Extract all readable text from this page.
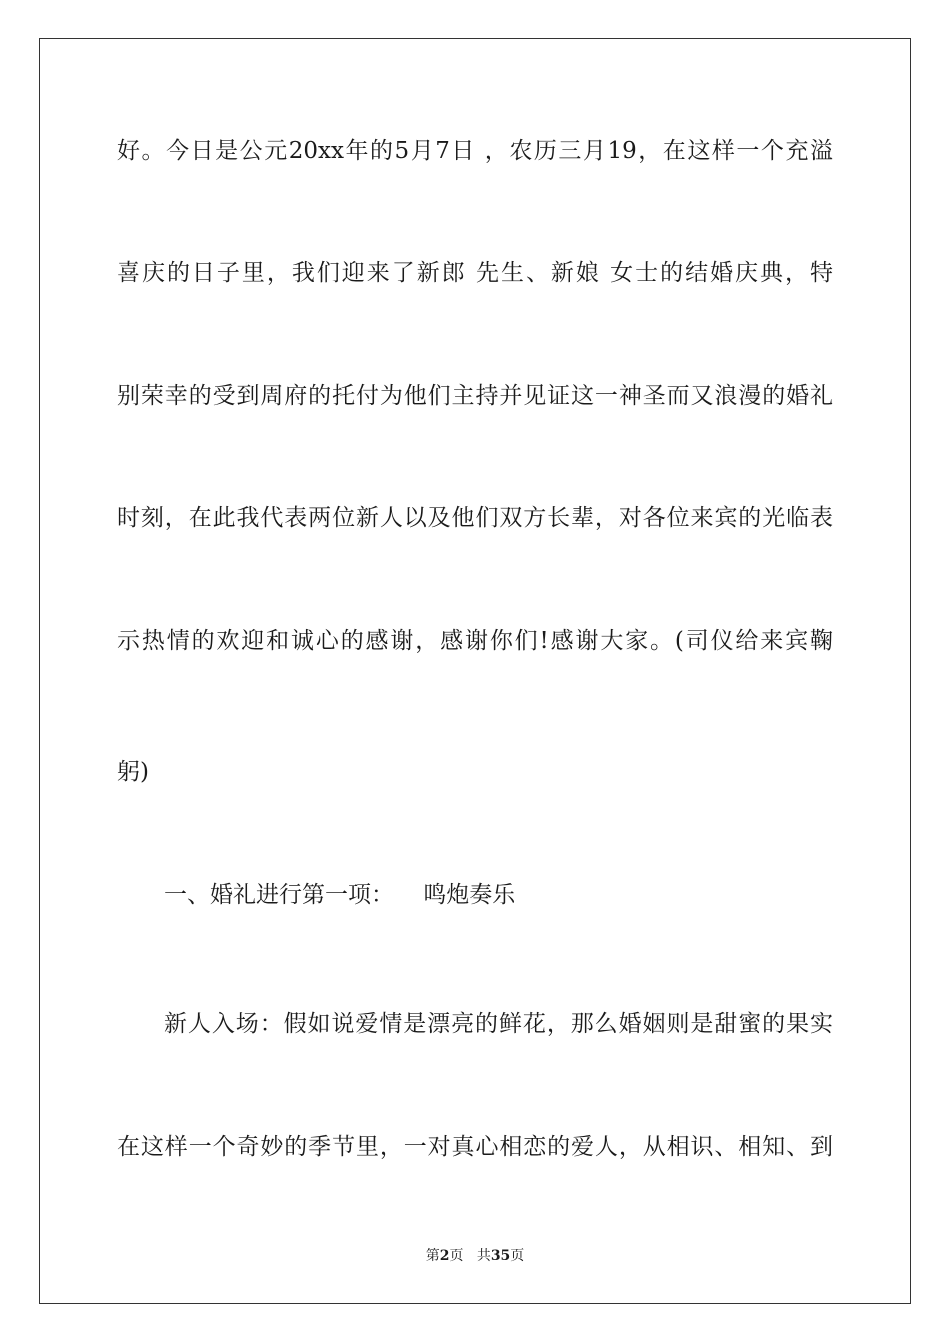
好。今日是公元20xx年的5月7日 ，农历三月19，在这样一个充溢
喜庆的日子里，我们迎来了新郎 先生、新娘 女士的结婚庆典，特
别荣幸的受到周府的托付为他们主持并见证这一神圣而又浪漫的婚礼
时刻，在此我代表两位新人以及他们双方长辈，对各位来宾的光临表
示热情的欢迎和诚心的感谢，感谢你们!感谢大家。(司仪给来宾鞠
躬)
一、婚礼进行第一项：    鸣炮奏乐
新人入场：假如说爱情是漂亮的鲜花，那么婚姻则是甜蜜的果实
在这样一个奇妙的季节里，一对真心相恋的爱人，从相识、相知、到
第2页 共35页
